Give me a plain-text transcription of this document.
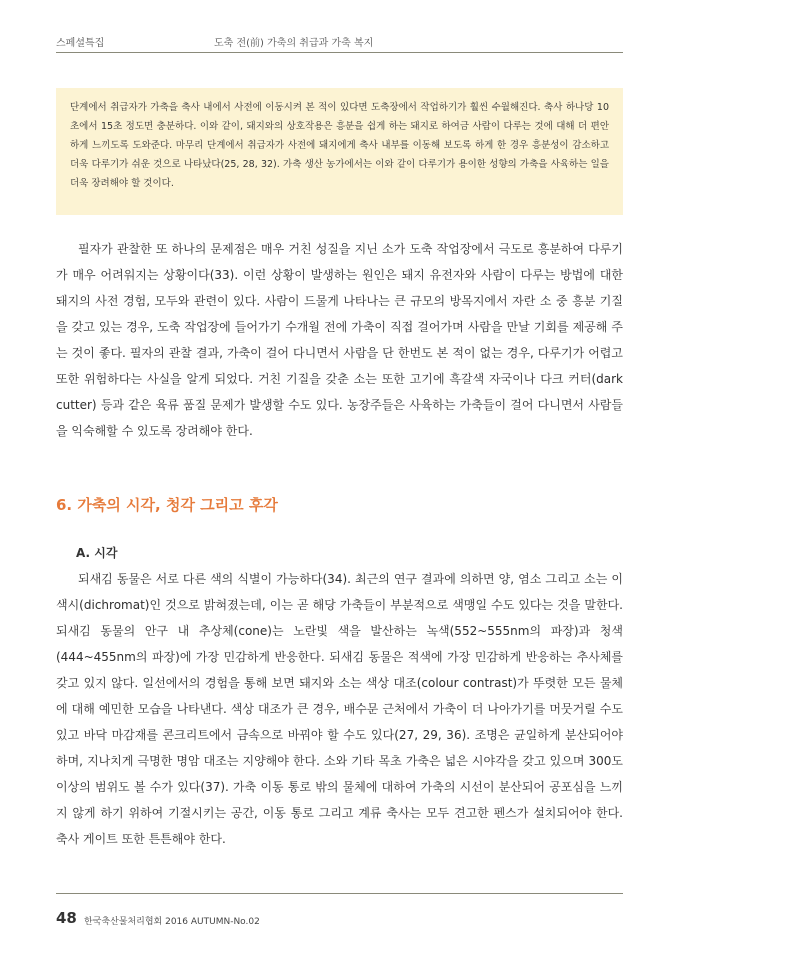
스페셜특집	도축 전(前) 가축의 취급과 가축 복지

단계에서 취급자가 가축을 축사 내에서 사전에 이동시켜 본 적이 있다면 도축장에서 작업하기가 훨씬 수월해진다. 축사 하나당 10초에서 15초 정도면 충분하다. 이와 같이, 돼지와의 상호작용은 흥분을 쉽게 하는 돼지로 하여금 사람이 다루는 것에 대해 더 편안하게 느끼도록 도와준다. 마무리 단계에서 취급자가 사전에 돼지에게 축사 내부를 이동해 보도록 하게 한 경우 흥분성이 감소하고 더욱 다루기가 쉬운 것으로 나타났다(25, 28, 32). 가축 생산 농가에서는 이와 같이 다루기가 용이한 성향의 가축을 사육하는 일을 더욱 장려해야 할 것이다.

필자가 관찰한 또 하나의 문제점은 매우 거친 성질을 지닌 소가 도축 작업장에서 극도로 흥분하여 다루기가 매우 어려워지는 상황이다(33). 이런 상황이 발생하는 원인은 돼지 유전자와 사람이 다루는 방법에 대한 돼지의 사전 경험, 모두와 관련이 있다. 사람이 드물게 나타나는 큰 규모의 방목지에서 자란 소 중 흥분 기질을 갖고 있는 경우, 도축 작업장에 들어가기 수개월 전에 가축이 직접 걸어가며 사람을 만날 기회를 제공해 주는 것이 좋다. 필자의 관찰 결과, 가축이 걸어 다니면서 사람을 단 한번도 본 적이 없는 경우, 다루기가 어렵고 또한 위험하다는 사실을 알게 되었다. 거친 기질을 갖춘 소는 또한 고기에 흑갈색 자국이나 다크 커터(dark cutter) 등과 같은 육류 품질 문제가 발생할 수도 있다. 농장주들은 사육하는 가축들이 걸어 다니면서 사람들을 익숙해할 수 있도록 장려해야 한다.

6. 가축의 시각, 청각 그리고 후각
A. 시각

되새김 동물은 서로 다른 색의 식별이 가능하다(34). 최근의 연구 결과에 의하면 양, 염소 그리고 소는 이색시(dichromat)인 것으로 밝혀졌는데, 이는 곧 해당 가축들이 부분적으로 색맹일 수도 있다는 것을 말한다. 되새김 동물의 안구 내 추상체(cone)는 노란빛 색을 발산하는 녹색(552~555nm의 파장)과 청색(444~455nm의 파장)에 가장 민감하게 반응한다. 되새김 동물은 적색에 가장 민감하게 반응하는 추사체를 갖고 있지 않다. 일선에서의 경험을 통해 보면 돼지와 소는 색상 대조(colour contrast)가 뚜렷한 모든 물체에 대해 예민한 모습을 나타낸다. 색상 대조가 큰 경우, 배수문 근처에서 가축이 더 나아가기를 머뭇거릴 수도 있고 바닥 마감재를 콘크리트에서 금속으로 바꿔야 할 수도 있다(27, 29, 36). 조명은 균일하게 분산되어야 하며, 지나치게 극명한 명암 대조는 지양해야 한다. 소와 기타 목초 가축은 넓은 시야각을 갖고 있으며 300도 이상의 범위도 볼 수가 있다(37). 가축 이동 통로 밖의 물체에 대하여 가축의 시선이 분산되어 공포심을 느끼지 않게 하기 위하여 기절시키는 공간, 이동 통로 그리고 계류 축사는 모두 견고한 펜스가 설치되어야 한다. 축사 게이트 또한 튼튼해야 한다.

48 한국축산물처리협회 2016 AUTUMN-No.02
